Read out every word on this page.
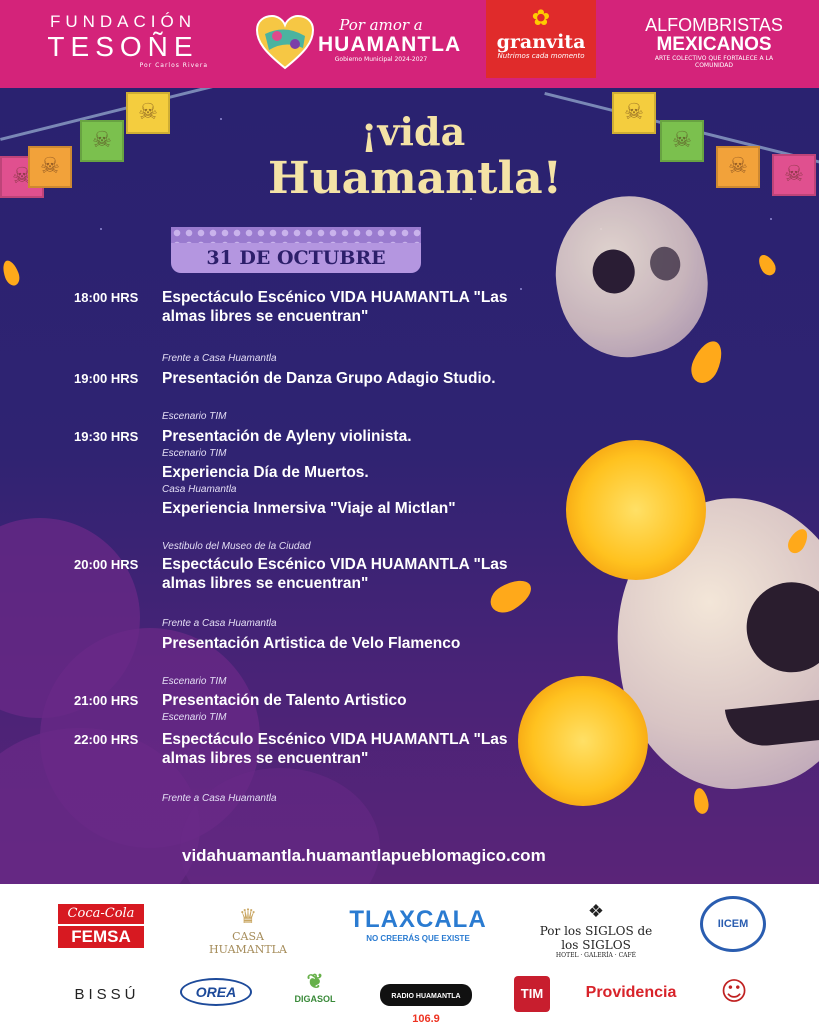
FUNDACIÓN
TESOÑE
Por Carlos Rivera
Por amor a
HUAMANTLA
Gobierno Municipal 2024-2027
✿
granvita
Nutrimos cada momento
ALFOMBRISTAS
MEXICANOS
ARTE COLECTIVO QUE FORTALECE A LA COMUNIDAD
☠
☠
☠
☠
☠
☠
☠
☠
¡vida
Huamantla!
31 DE OCTUBRE
18:00 HRS Espectáculo Escénico VIDA HUAMANTLA "Las almas libres se encuentran"
Frente a Casa Huamantla
19:00 HRS Presentación de Danza Grupo Adagio Studio.
Escenario TIM
19:30 HRS Presentación de Ayleny violinista.
Escenario TIM
Experiencia Día de Muertos.
Casa Huamantla
Experiencia Inmersiva "Viaje al Mictlan"
Vestibulo del Museo de la Ciudad
20:00 HRS Espectáculo Escénico VIDA HUAMANTLA "Las almas libres se encuentran"
Frente a Casa Huamantla
Presentación Artistica de Velo Flamenco
Escenario TIM
21:00 HRS Presentación de Talento Artistico
Escenario TIM
22:00 HRS Espectáculo Escénico VIDA HUAMANTLA "Las almas libres se encuentran"
Frente a Casa Huamantla
vidahuamantla.huamantlapueblomagico.com
Coca-Cola
FEMSA
♛
CASA HUAMANTLA
TLAXCALA
NO CREERÁS QUE EXISTE
❖
Por los SIGLOS de los SIGLOS
HOTEL · GALERÍA · CAFÉ
IICEM
BISSÚ	OREA	❦
DIGASOL	RADIO HUAMANTLA 106.9
TIM	Providencia	☺
